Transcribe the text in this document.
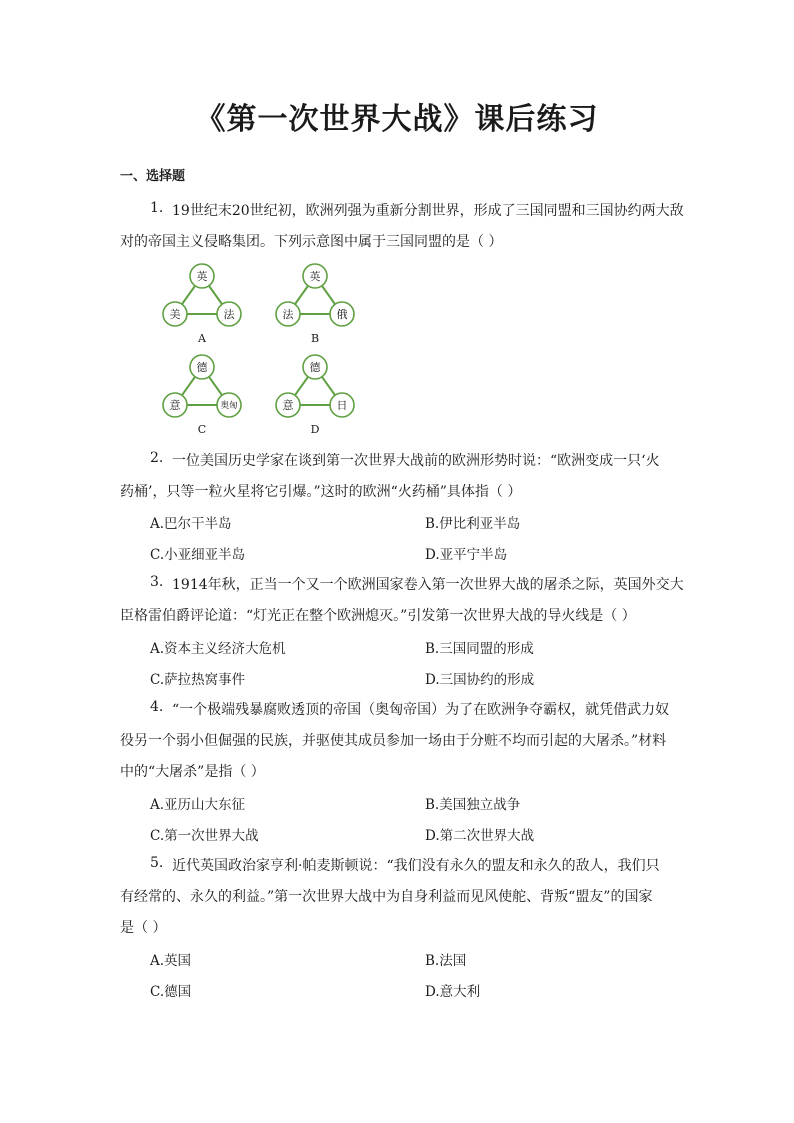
《第一次世界大战》课后练习
一、选择题
1. 19世纪末20世纪初，欧洲列强为重新分割世界，形成了三国同盟和三国协约两大敌
对的帝国主义侵略集团。下列示意图中属于三国同盟的是（ ）
英
美	法
A
英
法	俄
B
德
意	奥匈
C
德
意	日
D
2. 一位美国历史学家在谈到第一次世界大战前的欧洲形势时说：“欧洲变成一只‘火
药桶’，只等一粒火星将它引爆。”这时的欧洲“火药桶”具体指（ ）
A.巴尔干半岛	B.伊比利亚半岛
C.小亚细亚半岛	D.亚平宁半岛
3. 1914年秋，正当一个又一个欧洲国家卷入第一次世界大战的屠杀之际，英国外交大
臣格雷伯爵评论道：“灯光正在整个欧洲熄灭。”引发第一次世界大战的导火线是（ ）
A.资本主义经济大危机	B.三国同盟的形成
C.萨拉热窝事件	D.三国协约的形成
4. “一个极端残暴腐败透顶的帝国（奥匈帝国）为了在欧洲争夺霸权，就凭借武力奴
役另一个弱小但倔强的民族，并驱使其成员参加一场由于分赃不均而引起的大屠杀。”材料
中的“大屠杀”是指（ ）
A.亚历山大东征	B.美国独立战争
C.第一次世界大战	D.第二次世界大战
5. 近代英国政治家亨利·帕麦斯顿说：“我们没有永久的盟友和永久的敌人，我们只
有经常的、永久的利益。”第一次世界大战中为自身利益而见风使舵、背叛“盟友”的国家
是（ ）
A.英国	B.法国
C.德国	D.意大利
